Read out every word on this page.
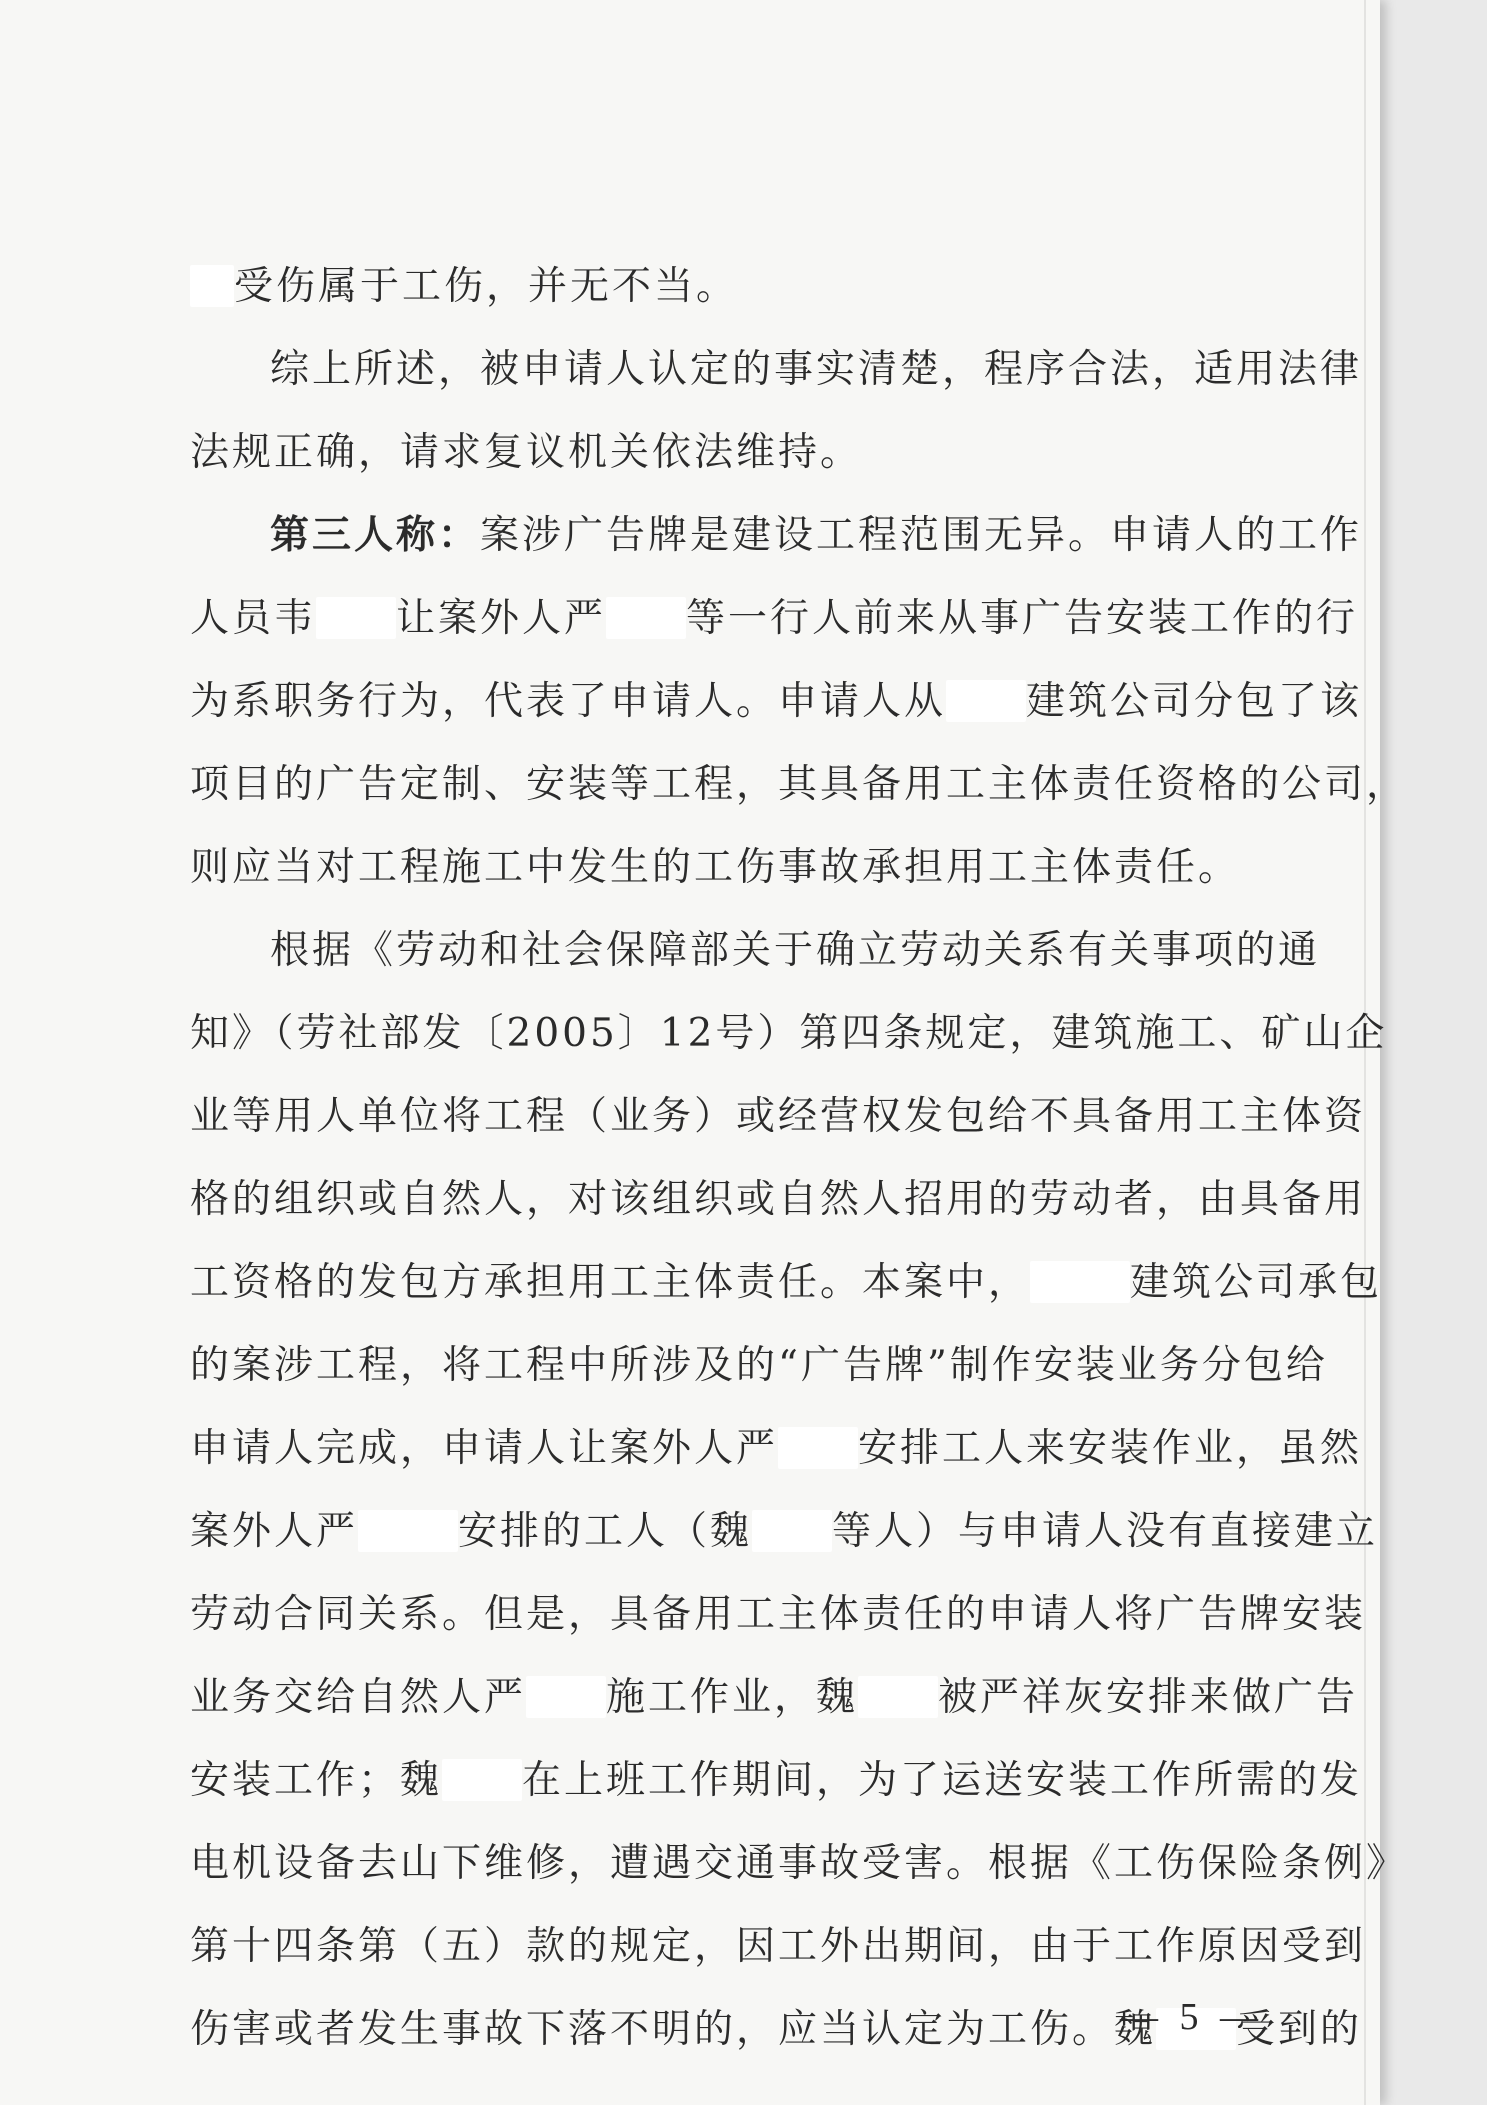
受伤属于工伤，并无不当。
综上所述，被申请人认定的事实清楚，程序合法，适用法律
法规正确，请求复议机关依法维持。
第三人称：案涉广告牌是建设工程范围无异。申请人的工作
人员韦 让案外人严 等一行人前来从事广告安装工作的行
为系职务行为，代表了申请人。申请人从 建筑公司分包了该
项目的广告定制、安装等工程，其具备用工主体责任资格的公司，
则应当对工程施工中发生的工伤事故承担用工主体责任。
根据《劳动和社会保障部关于确立劳动关系有关事项的通
知》（劳社部发〔2005〕12号）第四条规定，建筑施工、矿山企
业等用人单位将工程（业务）或经营权发包给不具备用工主体资
格的组织或自然人，对该组织或自然人招用的劳动者，由具备用
工资格的发包方承担用工主体责任。本案中，	建筑公司承包
的案涉工程，将工程中所涉及的“广告牌”制作安装业务分包给
申请人完成，申请人让案外人严 安排工人来安装作业，虽然
案外人严	安排的工人（魏 等人）与申请人没有直接建立
劳动合同关系。但是，具备用工主体责任的申请人将广告牌安装
业务交给自然人严 施工作业，魏 被严祥灰安排来做广告
安装工作；魏 在上班工作期间，为了运送安装工作所需的发
电机设备去山下维修，遭遇交通事故受害。根据《工伤保险条例》
第十四条第（五）款的规定，因工外出期间，由于工作原因受到
伤害或者发生事故下落不明的，应当认定为工伤。魏 受到的
— 5 —
